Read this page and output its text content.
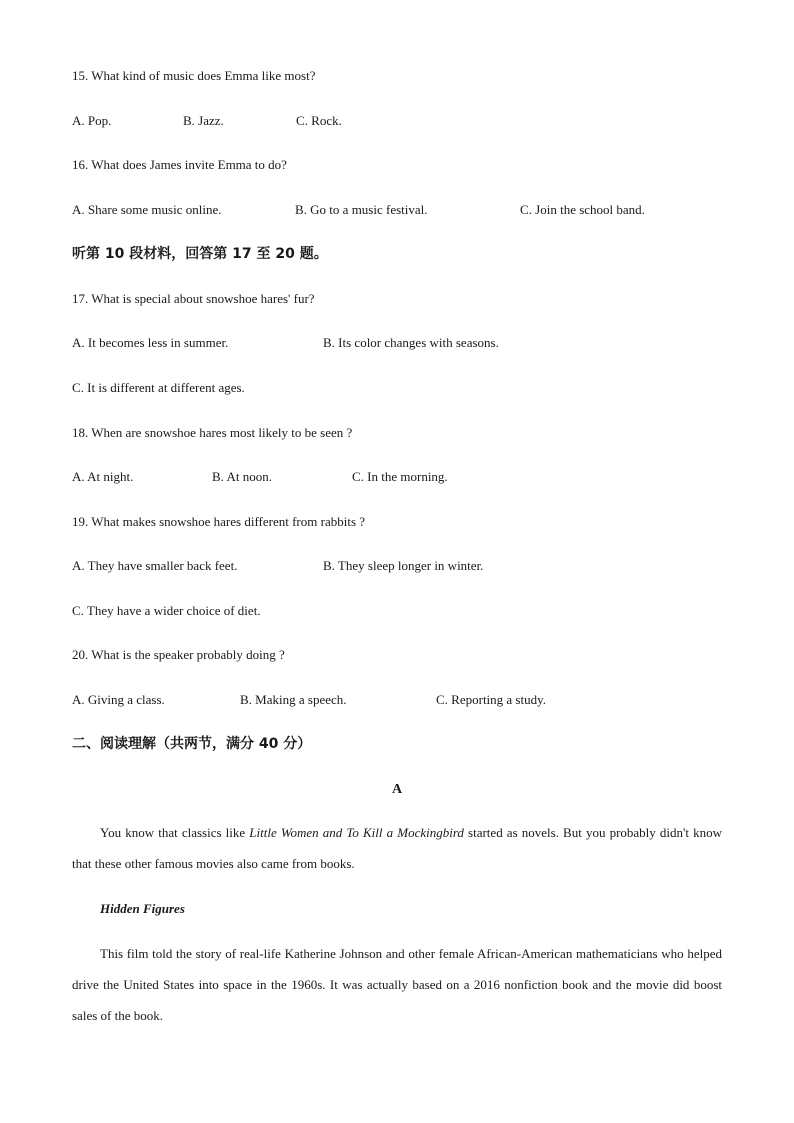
15. What kind of music does Emma like most?
A. Pop.	B. Jazz.	C. Rock.
16. What does James invite Emma to do?
A. Share some music online.	B. Go to a music festival.	C. Join the school band.
听第 10 段材料，回答第 17 至 20 题。
17. What is special about snowshoe hares' fur?
A. It becomes less in summer.	B. Its color changes with seasons.
C. It is different at different ages.
18. When are snowshoe hares most likely to be seen ?
A. At night.	B. At noon.	C. In the morning.
19. What makes snowshoe hares different from rabbits ?
A. They have smaller back feet.	B. They sleep longer in winter.
C. They have a wider choice of diet.
20. What is the speaker probably doing ?
A. Giving a class.	B. Making a speech.	C. Reporting a study.
二、阅读理解（共两节，满分 40 分）
A
You know that classics like Little Women and To Kill a Mockingbird started as novels. But you probably didn't know that these other famous movies also came from books.
Hidden Figures
This film told the story of real-life Katherine Johnson and other female African-American mathematicians who helped drive the United States into space in the 1960s. It was actually based on a 2016 nonfiction book and the movie did boost sales of the book.
